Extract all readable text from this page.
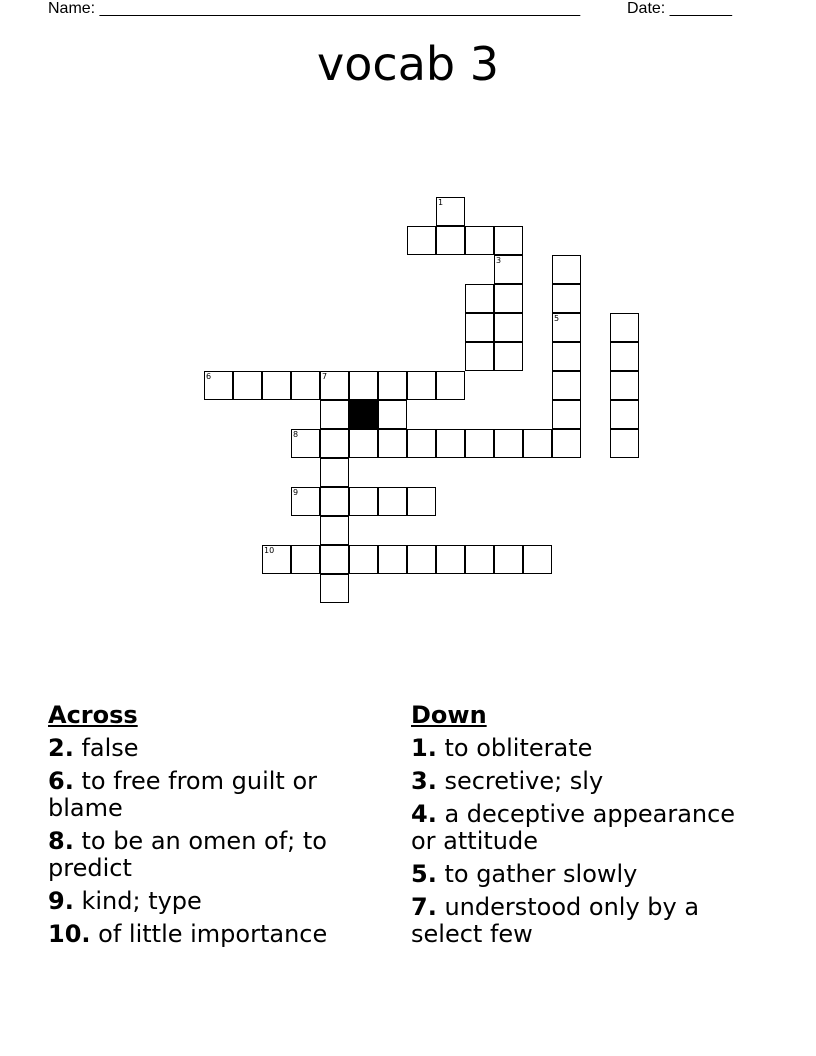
Name: ______________________________________________________	Date: _______
vocab 3
1
3
5
6	7
8
9
10
Across
2. false
6. to free from guilt or blame
8. to be an omen of; to predict
9. kind; type
10. of little importance
Down
1. to obliterate
3. secretive; sly
4. a deceptive appearance or attitude
5. to gather slowly
7. understood only by a select few
